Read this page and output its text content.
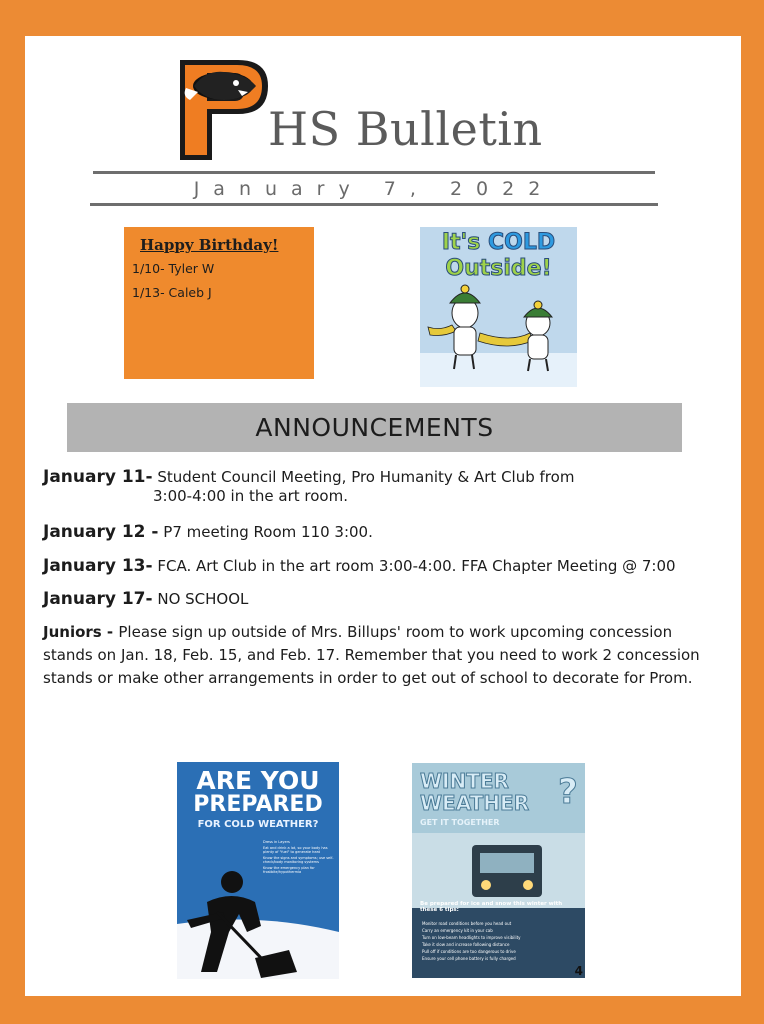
HS Bulletin
January 7, 2022
Happy Birthday!
1/10- Tyler W
1/13- Caleb J
It's COLD
Outside!
ANNOUNCEMENTS
January 11- Student Council Meeting, Pro Humanity & Art Club from
3:00-4:00 in the art room.
January 12 - P7 meeting Room 110 3:00.
January 13- FCA. Art Club in the art room 3:00-4:00. FFA Chapter Meeting @ 7:00
January 17- NO SCHOOL
Juniors - Please sign up outside of Mrs. Billups' room to work upcoming concession stands on Jan. 18, Feb. 15, and Feb. 17. Remember that you need to work 2 concession stands or make other arrangements in order to get out of school to decorate for Prom.
ARE YOU
PREPARED
FOR COLD WEATHER?
Dress in Layers
Eat and drink a lot, so your body has plenty of "fuel" to generate heat
Know the signs and symptoms; use self-check/body monitoring systems
Know the emergency plan for frostbite/hypothermia
WINTER
WEATHER ?
GET IT TOGETHER
Be prepared for ice and snow this winter with these 6 tips:
Monitor road conditions before you head out
Carry an emergency kit in your cab
Turn on low-beam headlights to improve visibility
Take it slow and increase following distance
Pull off if conditions are too dangerous to drive
Ensure your cell phone battery is fully charged
4
